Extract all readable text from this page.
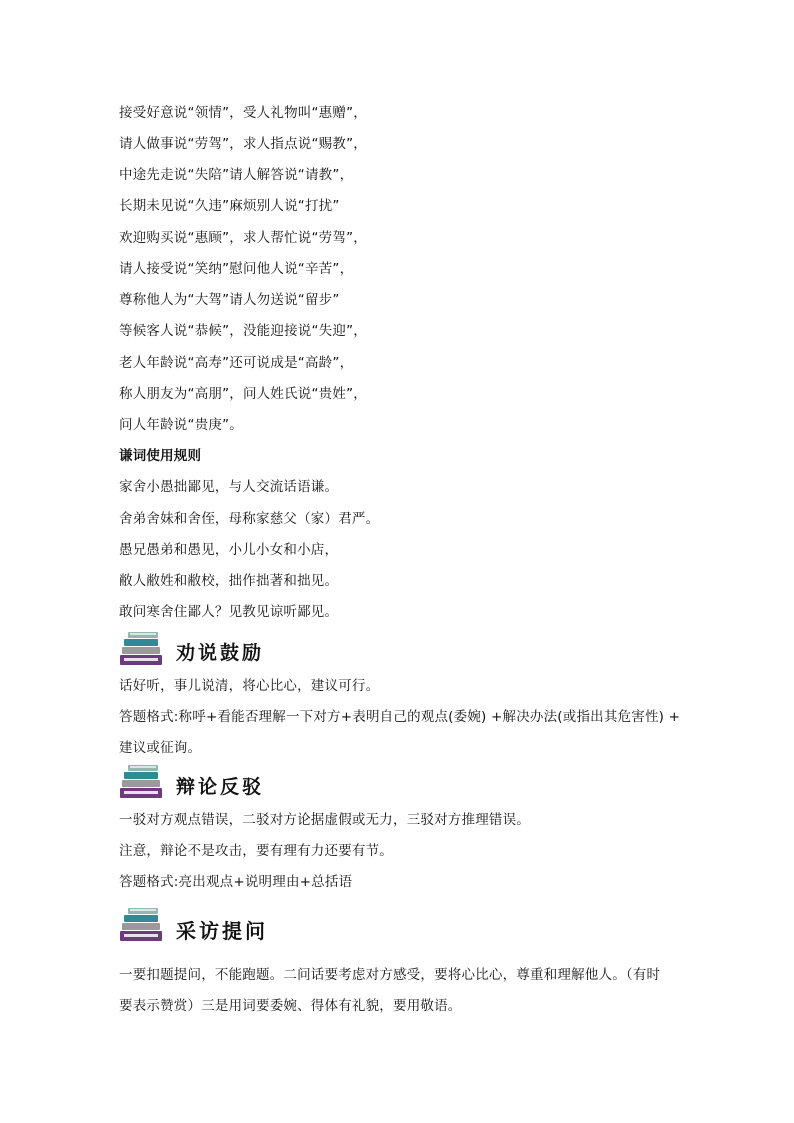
接受好意说“领情”，受人礼物叫“惠赠”，
请人做事说“劳驾”，求人指点说“赐教”，
中途先走说“失陪”请人解答说“请教”，
长期未见说“久违”麻烦别人说“打扰”
欢迎购买说“惠顾”，求人帮忙说“劳驾”，
请人接受说“笑纳”慰问他人说“辛苦”，
尊称他人为“大驾”请人勿送说“留步”
等候客人说“恭候”，没能迎接说“失迎”，
老人年龄说“高寿”还可说成是“高龄”，
称人朋友为“高朋”，问人姓氏说“贵姓”，
问人年龄说“贵庚”。
谦词使用规则
家舍小愚拙鄙见，与人交流话语谦。
舍弟舍妹和舍侄，母称家慈父（家）君严。
愚兄愚弟和愚见，小儿小女和小店，
敝人敝姓和敝校，拙作拙著和拙见。
敢问寒舍住鄙人？见教见谅听鄙见。
劝说鼓励
话好听，事儿说清，将心比心，建议可行。
答题格式:称呼+看能否理解一下对方+表明自己的观点(委婉) +解决办法(或指出其危害性) +
建议或征询。
辩论反驳
一驳对方观点错误，二驳对方论据虚假或无力，三驳对方推理错误。
注意，辩论不是攻击，要有理有力还要有节。
答题格式:亮出观点+说明理由+总括语
采访提问
一要扣题提问，不能跑题。二问话要考虑对方感受，要将心比心，尊重和理解他人。（有时
要表示赞赏）三是用词要委婉、得体有礼貌，要用敬语。
